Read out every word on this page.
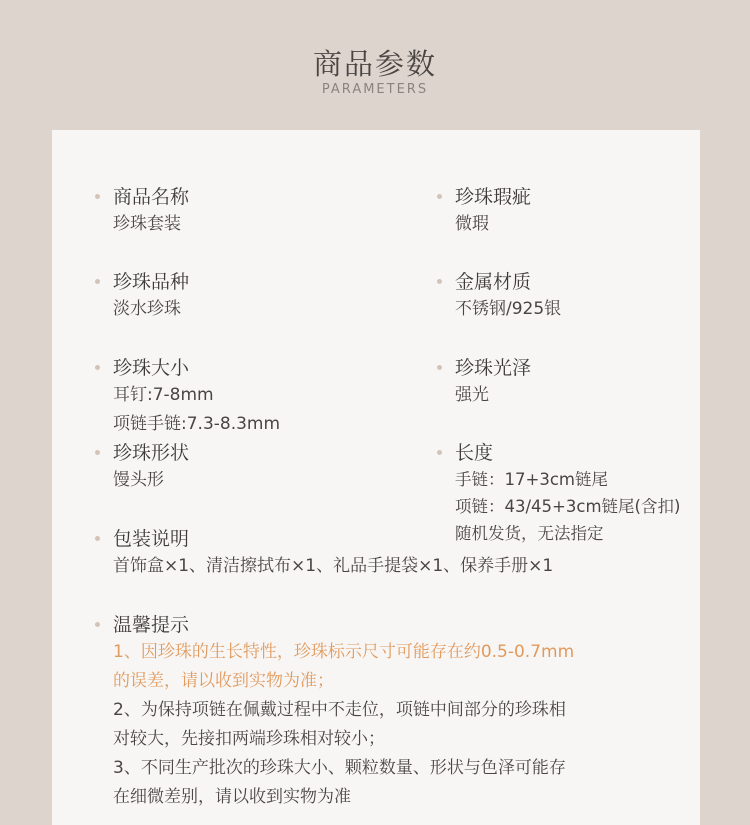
商品参数
PARAMETERS
商品名称
珍珠套装
珍珠瑕疵
微瑕
珍珠品种
淡水珍珠
金属材质
不锈钢/925银
珍珠大小
耳钉:7-8mm
项链手链:7.3-8.3mm
珍珠光泽
强光
珍珠形状
馒头形
长度
手链：17+3cm链尾
项链：43/45+3cm链尾(含扣)
随机发货，无法指定
包装说明
首饰盒×1、清洁擦拭布×1、礼品手提袋×1、保养手册×1
温馨提示
1、因珍珠的生长特性，珍珠标示尺寸可能存在约0.5-0.7mm
的误差，请以收到实物为准；
2、为保持项链在佩戴过程中不走位，项链中间部分的珍珠相
对较大，先接扣两端珍珠相对较小；
3、不同生产批次的珍珠大小、颗粒数量、形状与色泽可能存
在细微差别，请以收到实物为准
